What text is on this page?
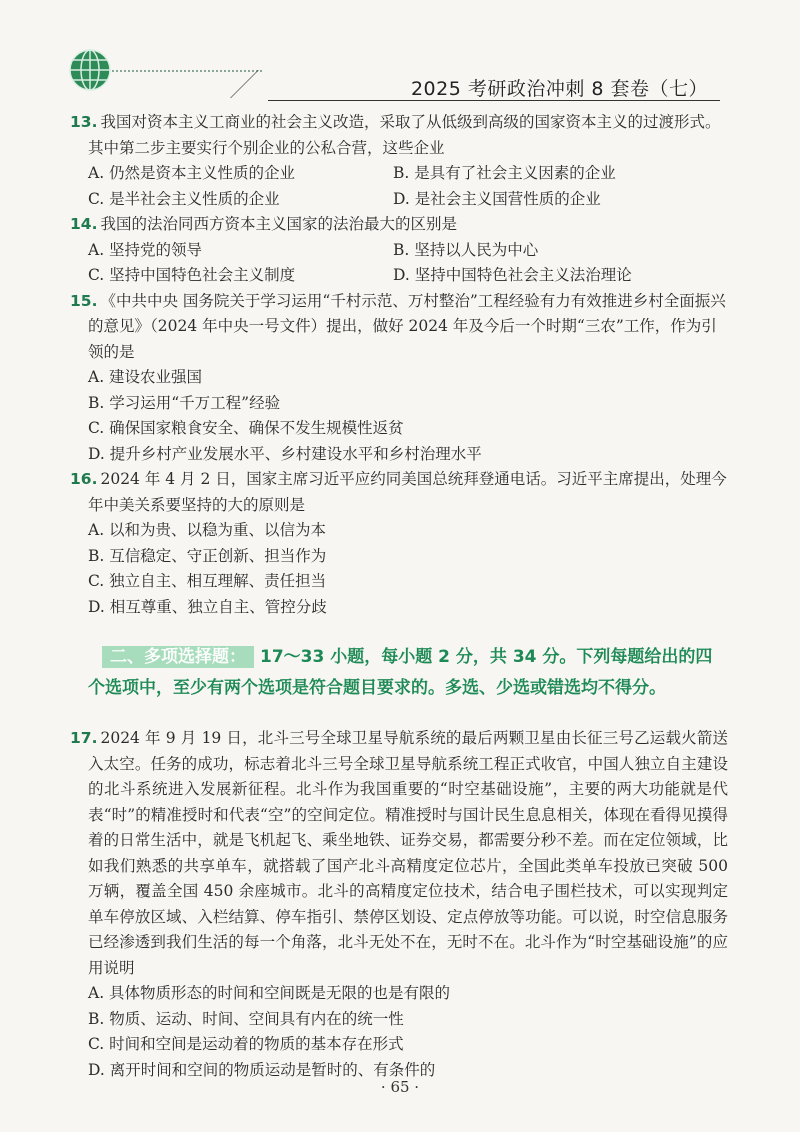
2025 考研政治冲刺 8 套卷（七）
13. 我国对资本主义工商业的社会主义改造，采取了从低级到高级的国家资本主义的过渡形式。其中第二步主要实行个别企业的公私合营，这些企业
A. 仍然是资本主义性质的企业	B. 是具有了社会主义因素的企业
C. 是半社会主义性质的企业	D. 是社会主义国营性质的企业
14. 我国的法治同西方资本主义国家的法治最大的区别是
A. 坚持党的领导	B. 坚持以人民为中心
C. 坚持中国特色社会主义制度	D. 坚持中国特色社会主义法治理论
15. 《中共中央 国务院关于学习运用“千村示范、万村整治”工程经验有力有效推进乡村全面振兴的意见》（2024 年中央一号文件）提出，做好 2024 年及今后一个时期“三农”工作，作为引领的是
A. 建设农业强国
B. 学习运用“千万工程”经验
C. 确保国家粮食安全、确保不发生规模性返贫
D. 提升乡村产业发展水平、乡村建设水平和乡村治理水平
16. 2024 年 4 月 2 日，国家主席习近平应约同美国总统拜登通电话。习近平主席提出，处理今年中美关系要坚持的大的原则是
A. 以和为贵、以稳为重、以信为本
B. 互信稳定、守正创新、担当作为
C. 独立自主、相互理解、责任担当
D. 相互尊重、独立自主、管控分歧
二、多项选择题： 17～33 小题，每小题 2 分，共 34 分。下列每题给出的四
个选项中，至少有两个选项是符合题目要求的。多选、少选或错选均不得分。
17. 2024 年 9 月 19 日，北斗三号全球卫星导航系统的最后两颗卫星由长征三号乙运载火箭送入太空。任务的成功，标志着北斗三号全球卫星导航系统工程正式收官，中国人独立自主建设的北斗系统进入发展新征程。北斗作为我国重要的“时空基础设施”，主要的两大功能就是代表“时”的精准授时和代表“空”的空间定位。精准授时与国计民生息息相关，体现在看得见摸得着的日常生活中，就是飞机起飞、乘坐地铁、证券交易，都需要分秒不差。而在定位领域，比如我们熟悉的共享单车，就搭载了国产北斗高精度定位芯片，全国此类单车投放已突破 500 万辆，覆盖全国 450 余座城市。北斗的高精度定位技术，结合电子围栏技术，可以实现判定单车停放区域、入栏结算、停车指引、禁停区划设、定点停放等功能。可以说，时空信息服务已经渗透到我们生活的每一个角落，北斗无处不在，无时不在。北斗作为“时空基础设施”的应用说明
A. 具体物质形态的时间和空间既是无限的也是有限的
B. 物质、运动、时间、空间具有内在的统一性
C. 时间和空间是运动着的物质的基本存在形式
D. 离开时间和空间的物质运动是暂时的、有条件的
· 65 ·
